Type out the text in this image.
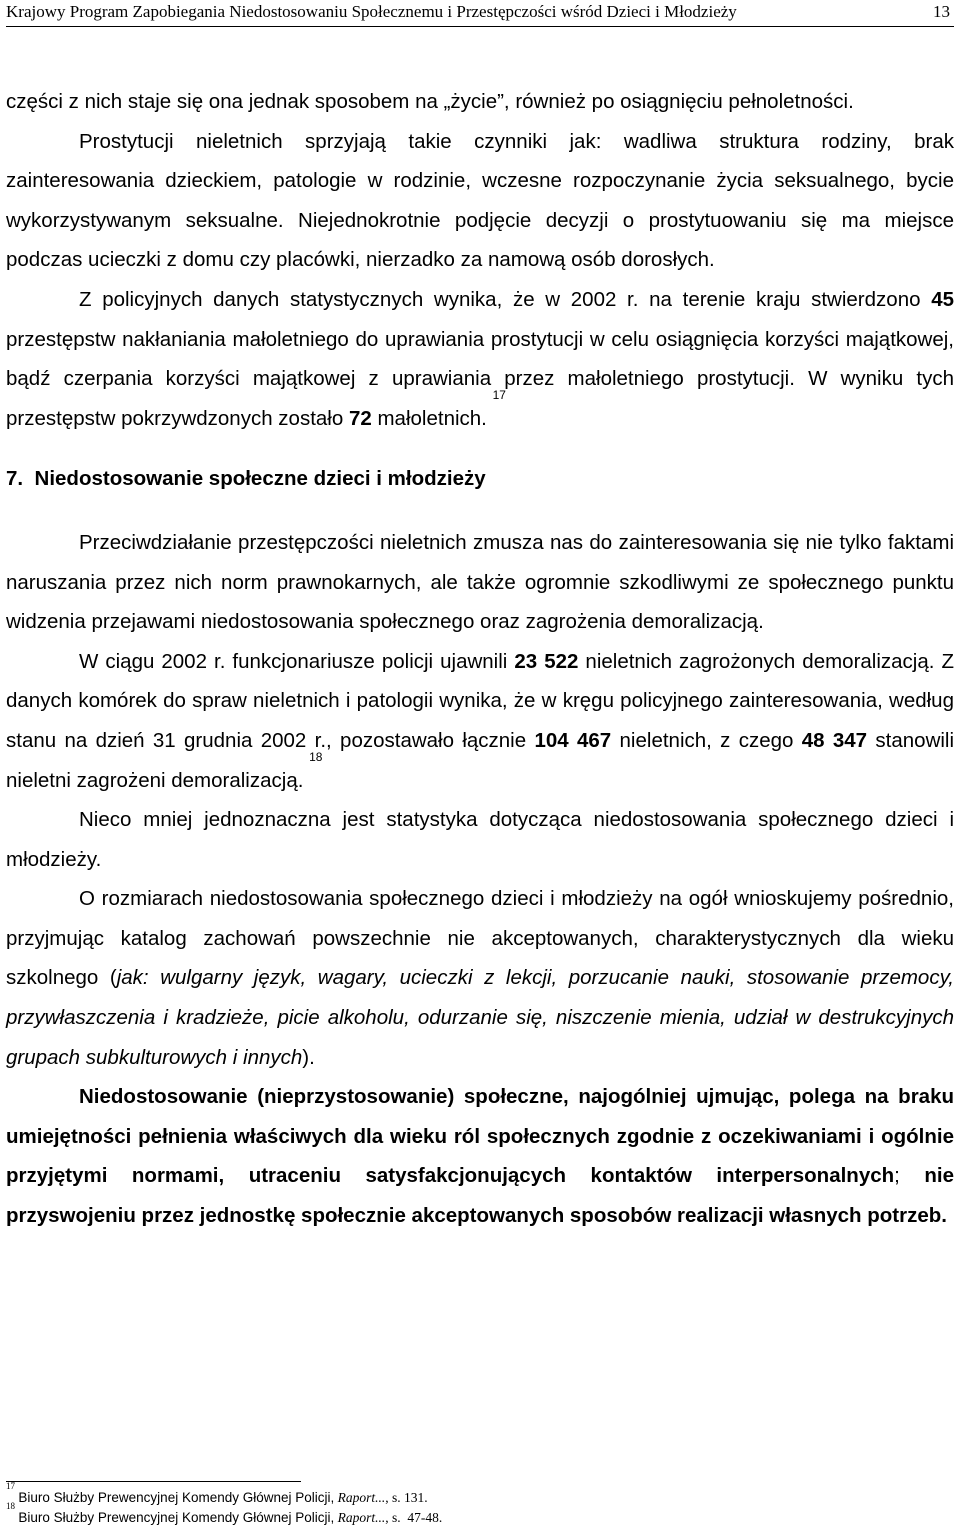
Krajowy Program Zapobiegania Niedostosowaniu Społecznemu i Przestępczości wśród Dzieci i Młodzieży	13

części z nich staje się ona jednak sposobem na „życie”, również po osiągnięciu pełnoletności.

Prostytucji nieletnich sprzyjają takie czynniki jak: wadliwa struktura rodziny, brak zainteresowania dzieckiem, patologie w rodzinie, wczesne rozpoczynanie życia seksualnego, bycie wykorzystywanym seksualne. Niejednokrotnie podjęcie decyzji o prostytuowaniu się ma miejsce podczas ucieczki z domu czy placówki, nierzadko za namową osób dorosłych.

Z policyjnych danych statystycznych wynika, że w 2002 r. na terenie kraju stwierdzono 45 przestępstw nakłaniania małoletniego do uprawiania prostytucji w celu osiągnięcia korzyści majątkowej, bądź czerpania korzyści majątkowej z uprawiania przez małoletniego prostytucji. W wyniku tych przestępstw pokrzywdzonych zostało 72 małoletnich. $^{17}$

7. Niedostosowanie społeczne dzieci i młodzieży

Przeciwdziałanie przestępczości nieletnich zmusza nas do zainteresowania się nie tylko faktami naruszania przez nich norm prawnokarnych, ale także ogromnie szkodliwymi ze społecznego punktu widzenia przejawami niedostosowania społecznego oraz zagrożenia demoralizacją.

W ciągu 2002 r. funkcjonariusze policji ujawnili 23 522 nieletnich zagrożonych demoralizacją. Z danych komórek do spraw nieletnich i patologii wynika, że w kręgu policyjnego zainteresowania, według stanu na dzień 31 grudnia 2002 r., pozostawało łącznie 104 467 nieletnich, z czego 48 347 stanowili nieletni zagrożeni demoralizacją. $^{18}$

Nieco mniej jednoznaczna jest statystyka dotycząca niedostosowania społecznego dzieci i młodzieży.

O rozmiarach niedostosowania społecznego dzieci i młodzieży na ogół wnioskujemy pośrednio, przyjmując katalog zachowań powszechnie nie akceptowanych, charakterystycznych dla wieku szkolnego (jak: wulgarny język, wagary, ucieczki z lekcji, porzucanie nauki, stosowanie przemocy, przywłaszczenia i kradzieże, picie alkoholu, odurzanie się, niszczenie mienia, udział w destrukcyjnych grupach subkulturowych i innych).

Niedostosowanie (nieprzystosowanie) społeczne, najogólniej ujmując, polega na braku umiejętności pełnienia właściwych dla wieku ról społecznych zgodnie z oczekiwaniami i ogólnie przyjętymi normami, utraceniu satysfakcjonujących kontaktów interpersonalnych; nie przyswojeniu przez jednostkę społecznie akceptowanych sposobów realizacji własnych potrzeb.

$^{17}$ Biuro Służby Prewencyjnej Komendy Głównej Policji, Raport..., s. 131.
$^{18}$ Biuro Służby Prewencyjnej Komendy Głównej Policji, Raport..., s.  47-48.
